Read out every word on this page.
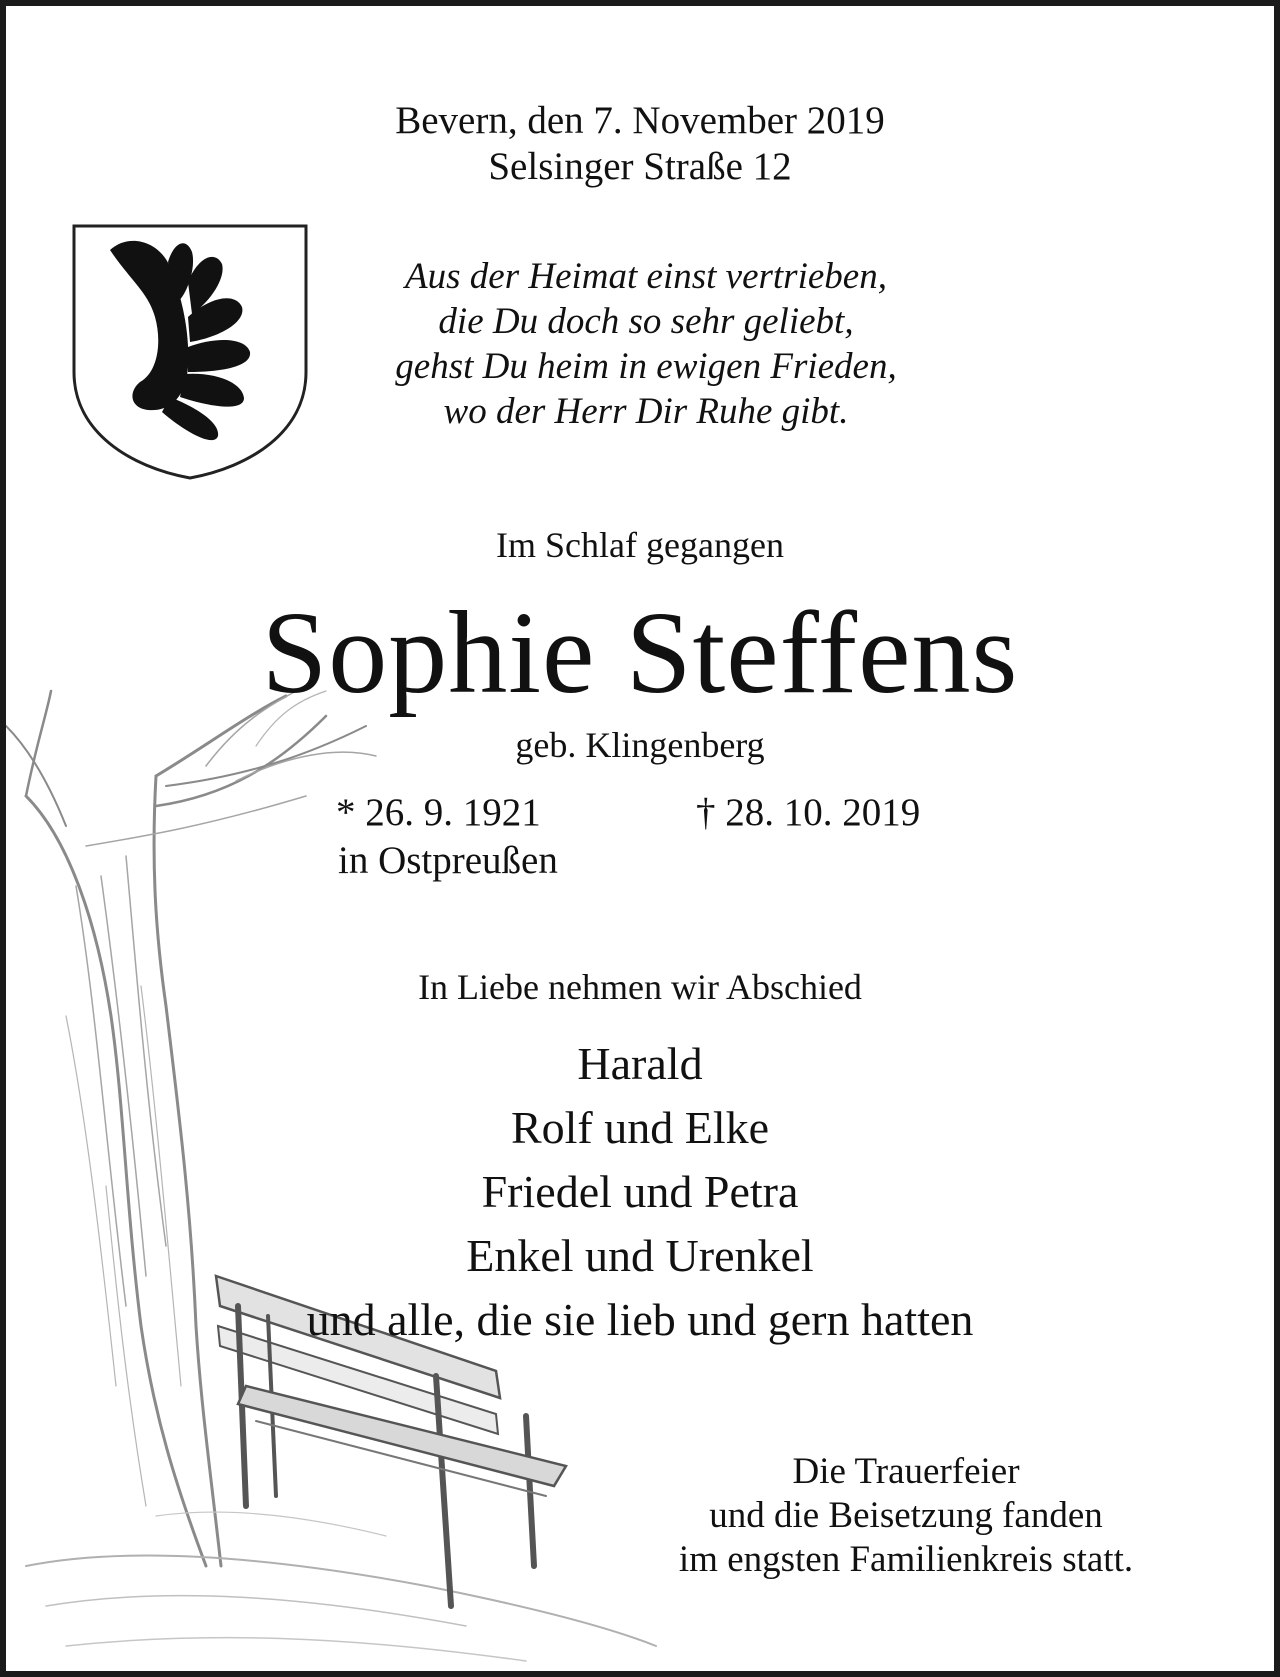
Bevern, den 7. November 2019
Selsinger Straße 12
Aus der Heimat einst vertrieben,
die Du doch so sehr geliebt,
gehst Du heim in ewigen Frieden,
wo der Herr Dir Ruhe gibt.
Im Schlaf gegangen
Sophie Steffens
geb. Klingenberg
* 26. 9. 1921	† 28. 10. 2019
in Ostpreußen
In Liebe nehmen wir Abschied
Harald
Rolf und Elke
Friedel und Petra
Enkel und Urenkel
und alle, die sie lieb und gern hatten
Die Trauerfeier
und die Beisetzung fanden
im engsten Familienkreis statt.
